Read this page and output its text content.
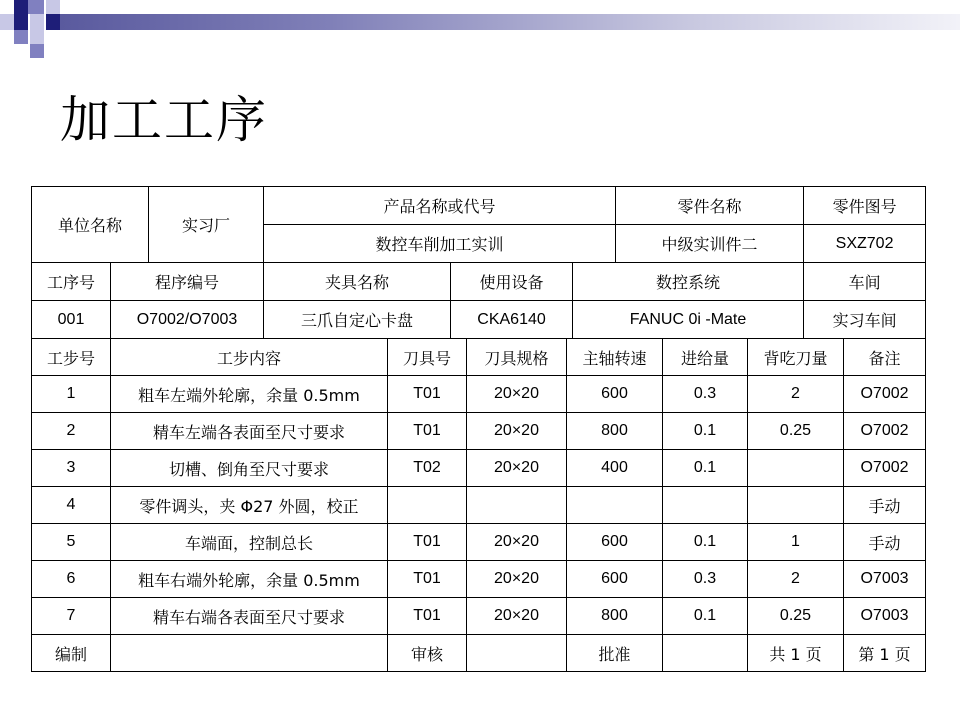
加工工序
单位名称		实习厂	产品名称或代号			零件名称	零件图号
			数控车削加工实训			中级实训件二	SXZ702
工序号	程序编号		夹具名称	使用设备	数控系统		车间
001	O7002/O7003		三爪自定心卡盘	CKA6140	FANUC 0i -Mate		实习车间
工步号	工步内容	刀具号	刀具规格	主轴转速	进给量	背吃刀量	备注
1	粗车左端外轮廓，余量 0.5mm	T01	20×20	600	0.3	2	O7002
2	精车左端各表面至尺寸要求	T01	20×20	800	0.1	0.25	O7002
3	切槽、倒角至尺寸要求	T02	20×20	400	0.1		O7002
4	零件调头，夹 Φ27 外圆，校正						手动
5	车端面，控制总长	T01	20×20	600	0.1	1	手动
6	粗车右端外轮廓，余量 0.5mm	T01	20×20	600	0.3	2	O7003
7	精车右端各表面至尺寸要求	T01	20×20	800	0.1	0.25	O7003
编制		审核		批准		共 1 页	第 1 页
